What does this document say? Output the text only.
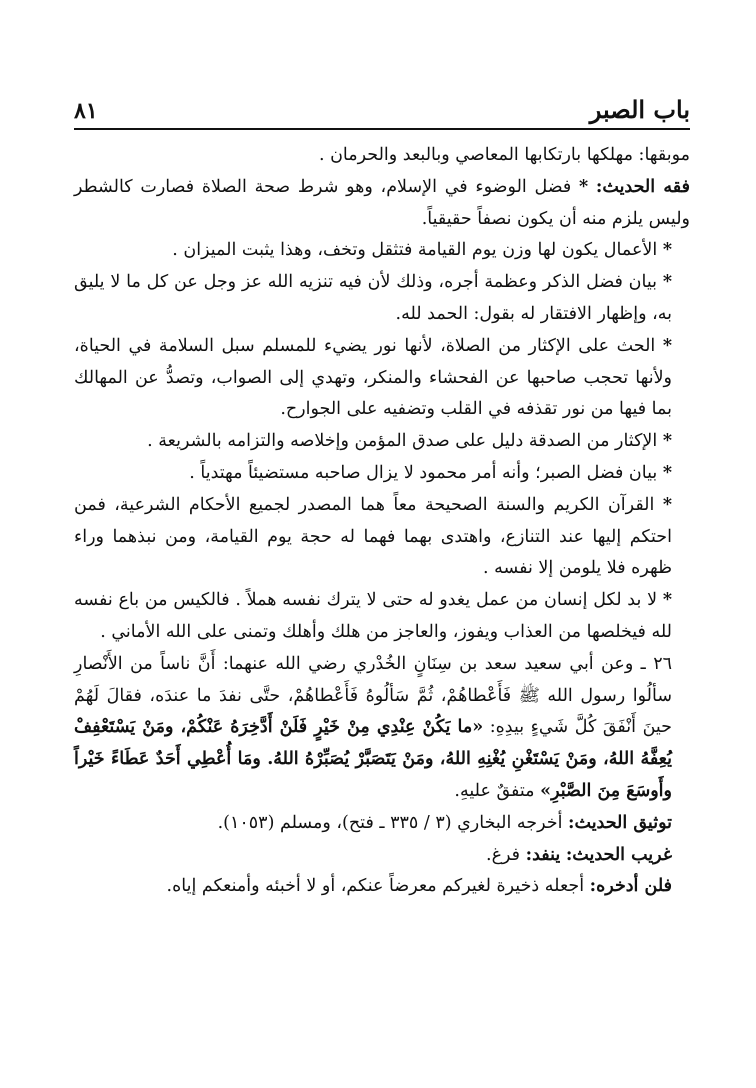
باب الصبر
٨١

موبقها: مهلكها بارتكابها المعاصي وبالبعد والحرمان .

فقه الحديث: * فضل الوضوء في الإسلام، وهو شرط صحة الصلاة فصارت كالشطر وليس يلزم منه أن يكون نصفاً حقيقياً.

* الأعمال يكون لها وزن يوم القيامة فتثقل وتخف، وهذا يثبت الميزان .

* بيان فضل الذكر وعظمة أجره، وذلك لأن فيه تنزيه الله عز وجل عن كل ما لا يليق به، وإظهار الافتقار له بقول: الحمد لله.

* الحث على الإكثار من الصلاة، لأنها نور يضيء للمسلم سبل السلامة في الحياة، ولأنها تحجب صاحبها عن الفحشاء والمنكر، وتهدي إلى الصواب، وتصدُّ عن المهالك بما فيها من نور تقذفه في القلب وتضفيه على الجوارح.

* الإكثار من الصدقة دليل على صدق المؤمن وإخلاصه والتزامه بالشريعة .

* بيان فضل الصبر؛ وأنه أمر محمود لا يزال صاحبه مستضيئاً مهتدياً .

* القرآن الكريم والسنة الصحيحة معاً هما المصدر لجميع الأحكام الشرعية، فمن احتكم إليها عند التنازع، واهتدى بهما فهما له حجة يوم القيامة، ومن نبذهما وراء ظهره فلا يلومن إلا نفسه .

* لا بد لكل إنسان من عمل يغدو له حتى لا يترك نفسه هملاً . فالكيس من باع نفسه لله فيخلصها من العذاب ويفوز، والعاجز من هلك وأهلك وتمنى على الله الأماني .

٢٦ ـ وعن أبي سعيد سعد بن سِنَانٍ الخُدْري رضي الله عنهما: أَنَّ ناساً من الأَنْصارِ سألُوا رسول الله ﷺ فَأَعْطاهُمْ، ثُمَّ سَألُوهُ فَأَعْطاهُمْ، حتَّى نفدَ ما عندَه، فقالَ لَهُمْ حينَ أَنْفَقَ كُلَّ شَيءٍ بيدِهِ: «ما يَكُنْ عِنْدِي مِنْ خَيْرٍ فَلَنْ أَدَّخِرَهُ عَنْكُمْ، ومَنْ يَسْتَعْفِفْ يُعِفَّهُ اللهُ، ومَنْ يَسْتَغْنِ يُغْنِهِ اللهُ، ومَنْ يَتَصَبَّرْ يُصَبِّرْهُ اللهُ. ومَا أُعْطِي أَحَدٌ عَطَاءً خَيْراً وأَوسَعَ مِنَ الصَّبْرِ» متفقٌ عليهِ.

توثيق الحديث: أخرجه البخاري (٣ / ٣٣٥ ـ فتح)، ومسلم (١٠٥٣).

غريب الحديث: ينفد: فرغ.

فلن أدخره: أجعله ذخيرة لغيركم معرضاً عنكم، أو لا أخبئه وأمنعكم إياه.
